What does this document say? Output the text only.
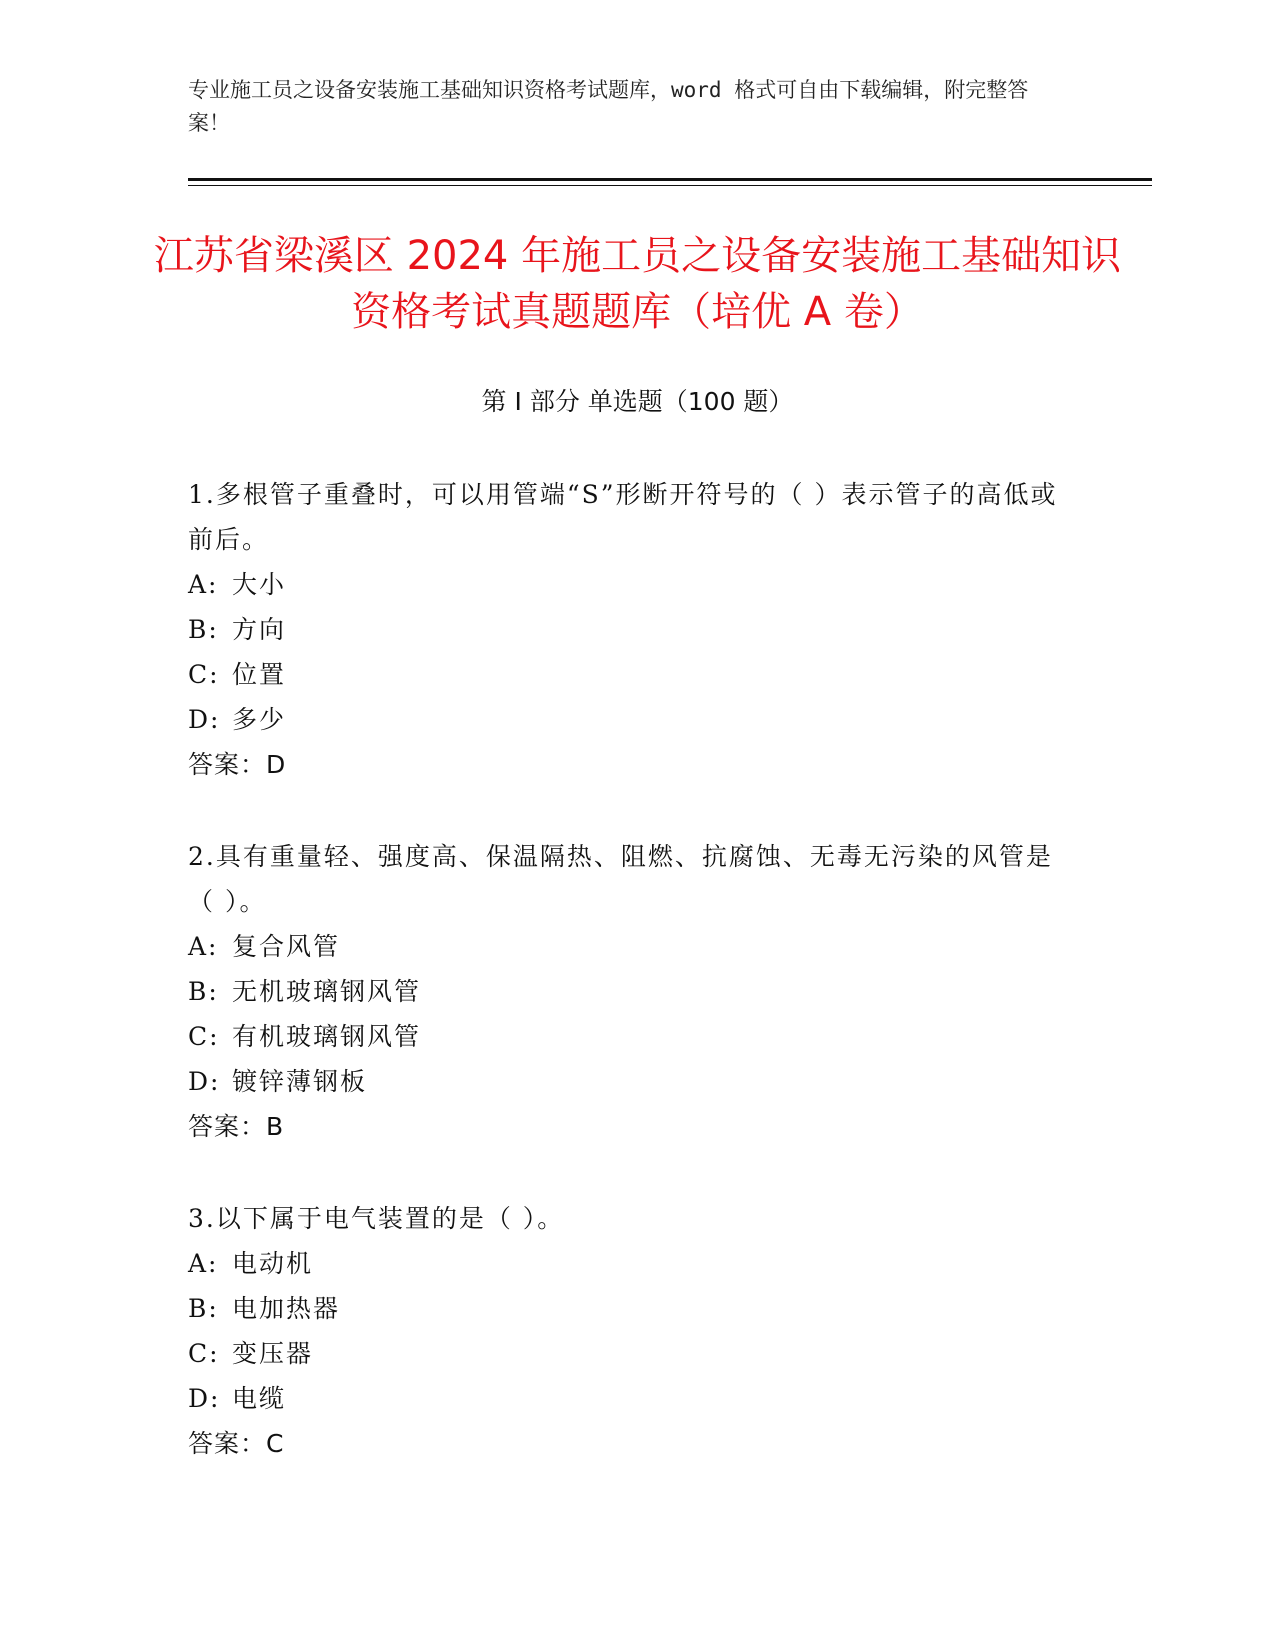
专业施工员之设备安装施工基础知识资格考试题库，word 格式可自由下载编辑，附完整答案！
江苏省梁溪区 2024 年施工员之设备安装施工基础知识资格考试真题题库（培优 A 卷）
第 I 部分 单选题（100 题）
1.多根管子重叠时，可以用管端“S”形断开符号的（ ）表示管子的高低或前后。
A: 大小
B: 方向
C: 位置
D: 多少
答案：D
2.具有重量轻、强度高、保温隔热、阻燃、抗腐蚀、无毒无污染的风管是（ ）。
A: 复合风管
B: 无机玻璃钢风管
C: 有机玻璃钢风管
D: 镀锌薄钢板
答案：B
3.以下属于电气装置的是（ ）。
A: 电动机
B: 电加热器
C: 变压器
D: 电缆
答案：C
